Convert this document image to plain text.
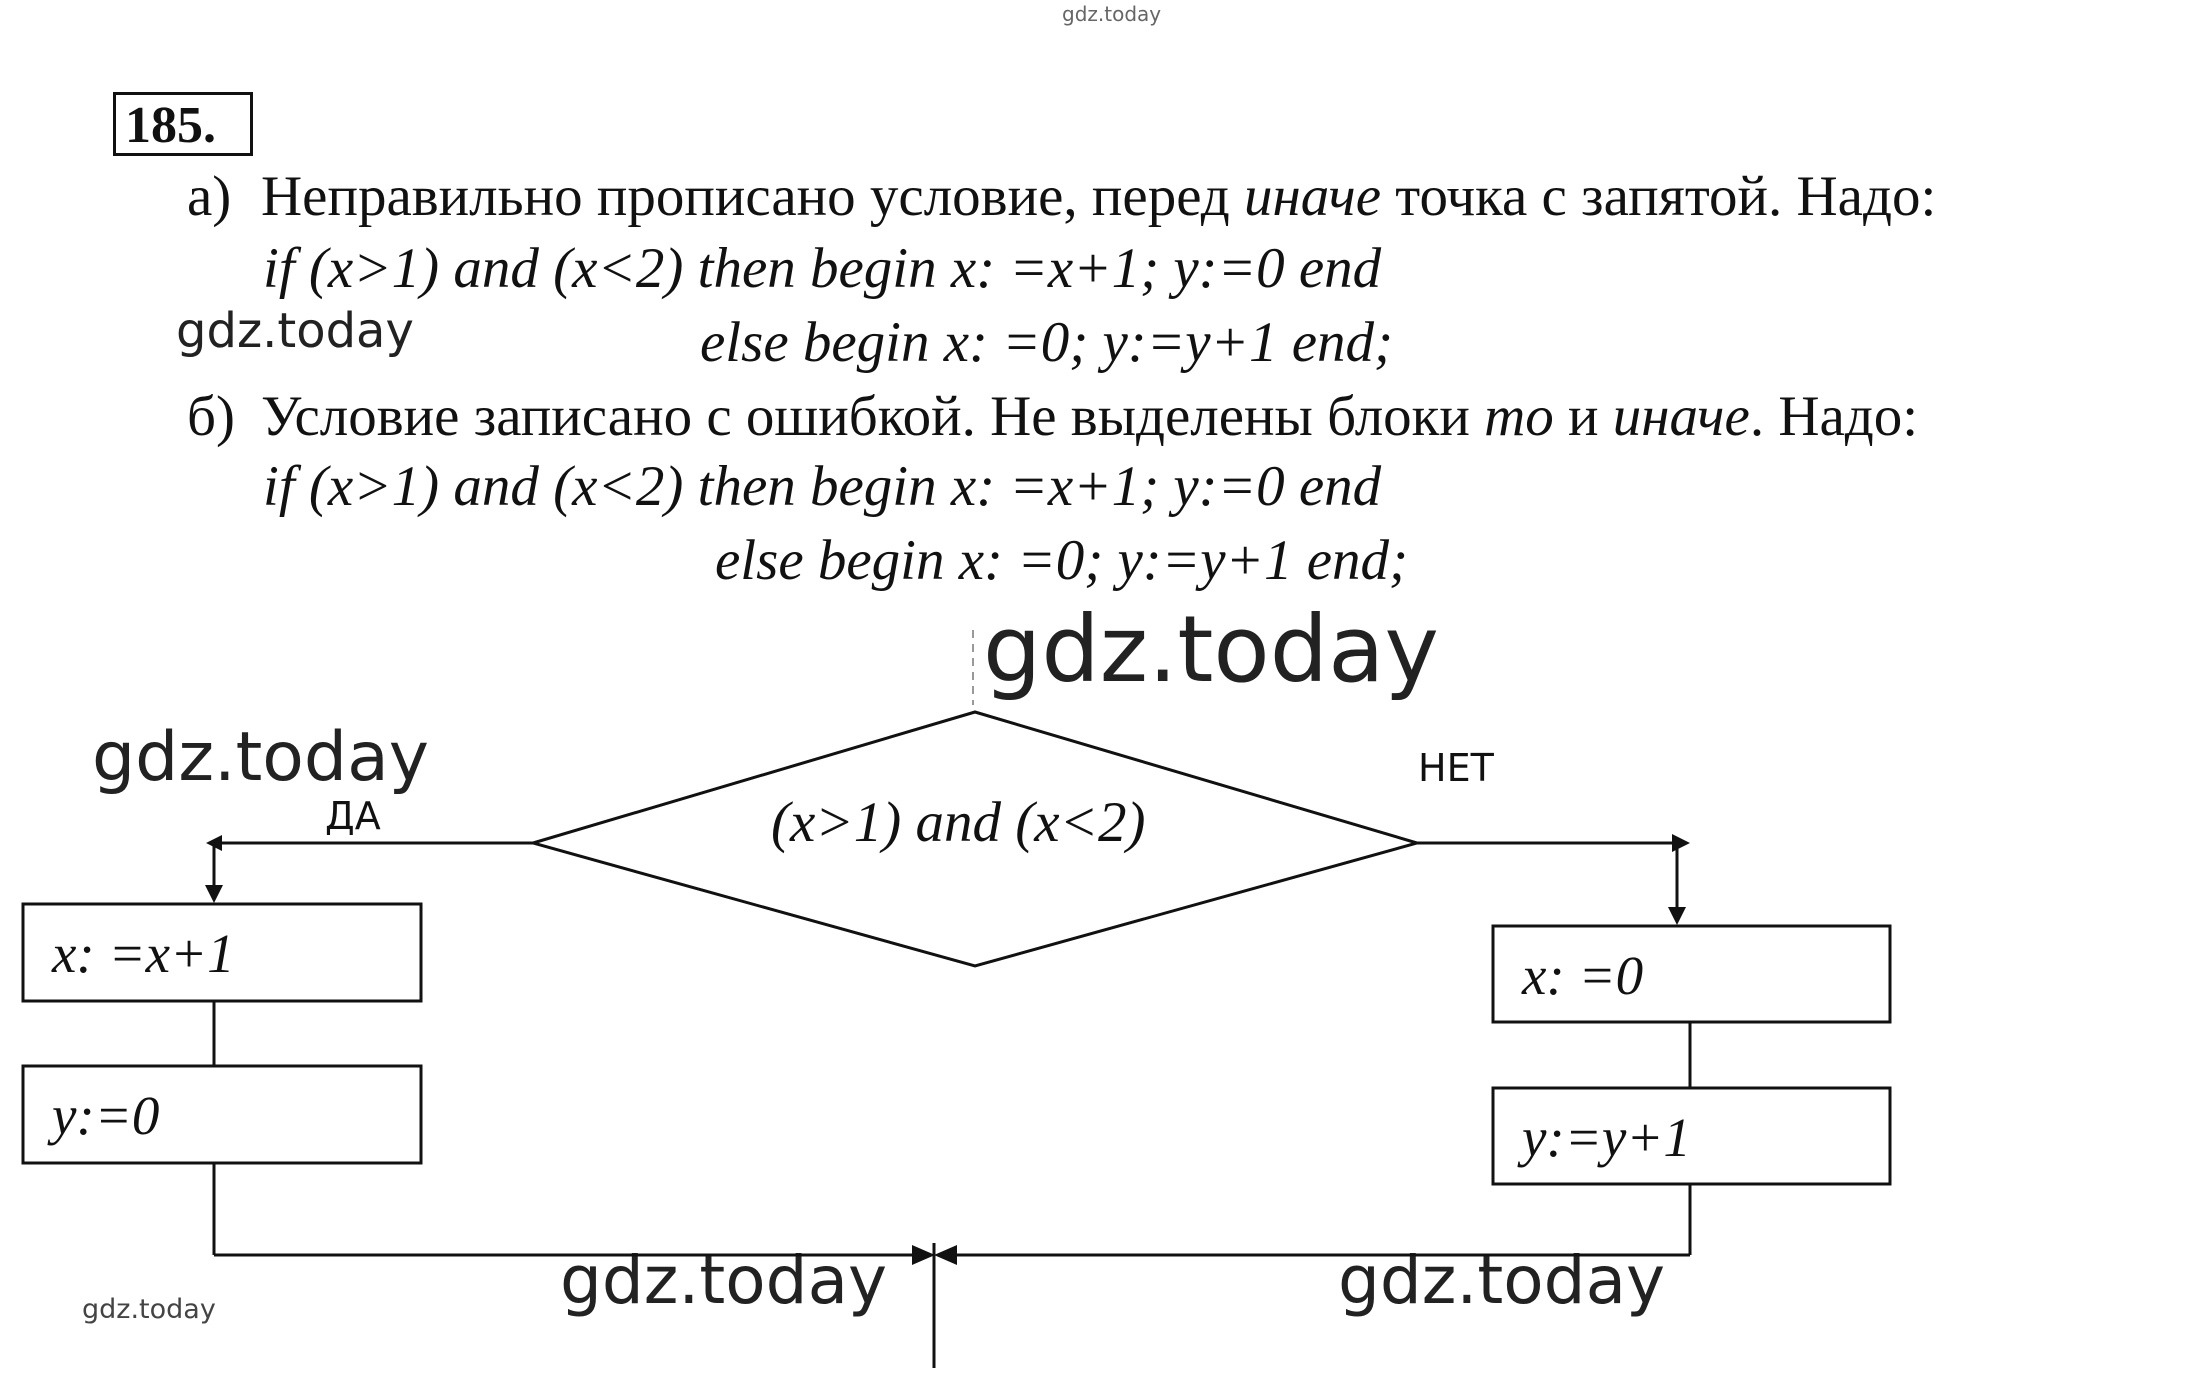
gdz.today
gdz.today
gdz.today
gdz.today
gdz.today	gdz.today	gdz.today
185.
а) Неправильно прописано условие, перед иначе точка с запятой. Надо:
if (x>1) and (x<2) then begin x: =x+1; y:=0 end
else begin x: =0; y:=y+1 end;
б) Условие записано с ошибкой. Не выделены блоки то и иначе. Надо:
if (x>1) and (x<2) then begin x: =x+1; y:=0 end
else begin x: =0; y:=y+1 end;
(x>1) and (x<2)
ДА
НЕТ
x: =x+1
y:=0
x: =0
y:=y+1
